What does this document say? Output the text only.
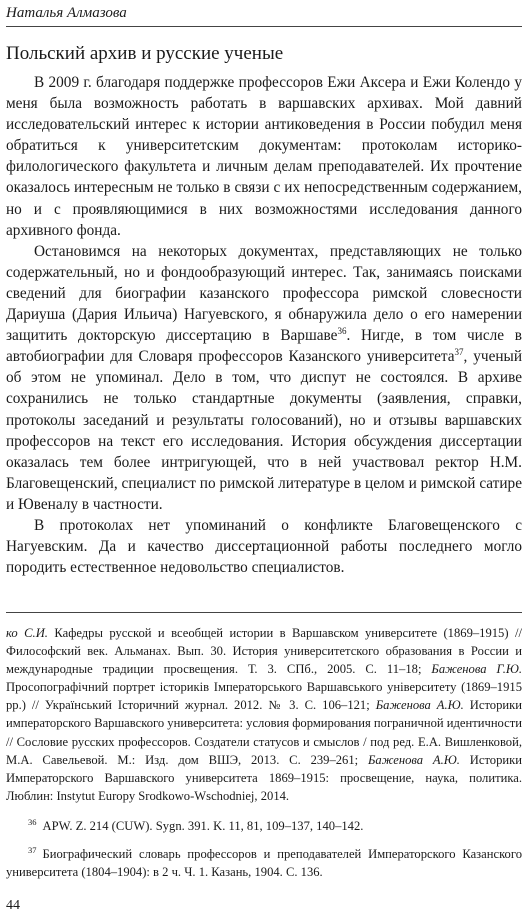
Наталья Алмазова
Польский архив и русские ученые

В 2009 г. благодаря поддержке профессоров Ежи Аксера и Ежи Колендо у меня была возможность работать в варшавских архивах. Мой давний исследовательский интерес к истории антиковедения в России побудил меня обратиться к университетским документам: протоколам историко-филологического факультета и личным делам преподавателей. Их прочтение оказалось интересным не только в связи с их непосредственным содержанием, но и с проявляющимися в них возможностями исследования данного архивного фонда.

Остановимся на некоторых документах, представляющих не только содержательный, но и фондообразующий интерес. Так, занимаясь поисками сведений для биографии казанского профессора римской словесности Дариуша (Дария Ильича) Нагуевского, я обнаружила дело о его намерении защитить докторскую диссертацию в Варшаве$^{36}$. Нигде, в том числе в автобиографии для Словаря профессоров Казанского университета$^{37}$, ученый об этом не упоминал. Дело в том, что диспут не состоялся. В архиве сохранились не только стандартные документы (заявления, справки, протоколы заседаний и результаты голосований), но и отзывы варшавских профессоров на текст его исследования. История обсуждения диссертации оказалась тем более интригующей, что в ней участвовал ректор Н.М. Благовещенский, специалист по римской литературе в целом и римской сатире и Ювеналу в частности.

В протоколах нет упоминаний о конфликте Благовещенского с Нагуевским. Да и качество диссертационной работы последнего могло породить естественное недовольство специалистов.

ко С.И. Кафедры русской и всеобщей истории в Варшавском университете (1869–1915) // Философский век. Альманах. Вып. 30. История университетского образования в России и международные традиции просвещения. Т. 3. СПб., 2005. С. 11–18; Баженова Г.Ю. Просопографічний портрет істориків Імператорського Варшавського університету (1869–1915 рр.) // Український Історичний журнал. 2012. № 3. С. 106–121; Баженова А.Ю. Историки императорского Варшавского университета: условия формирования пограничной идентичности // Сословие русских профессоров. Создатели статусов и смыслов / под ред. Е.А. Вишленковой, М.А. Савельевой. М.: Изд. дом ВШЭ, 2013. С. 239–261; Баженова А.Ю. Историки Императорского Варшавского университета 1869–1915: просвещение, наука, политика. Люблин: Instytut Europy Srodkowo-Wschodniej, 2014.

$^{36}$ APW. Z. 214 (CUW). Sygn. 391. K. 11, 81, 109–137, 140–142.

$^{37}$ Биографический словарь профессоров и преподавателей Императорского Казанского университета (1804–1904): в 2 ч. Ч. 1. Казань, 1904. С. 136.

44
